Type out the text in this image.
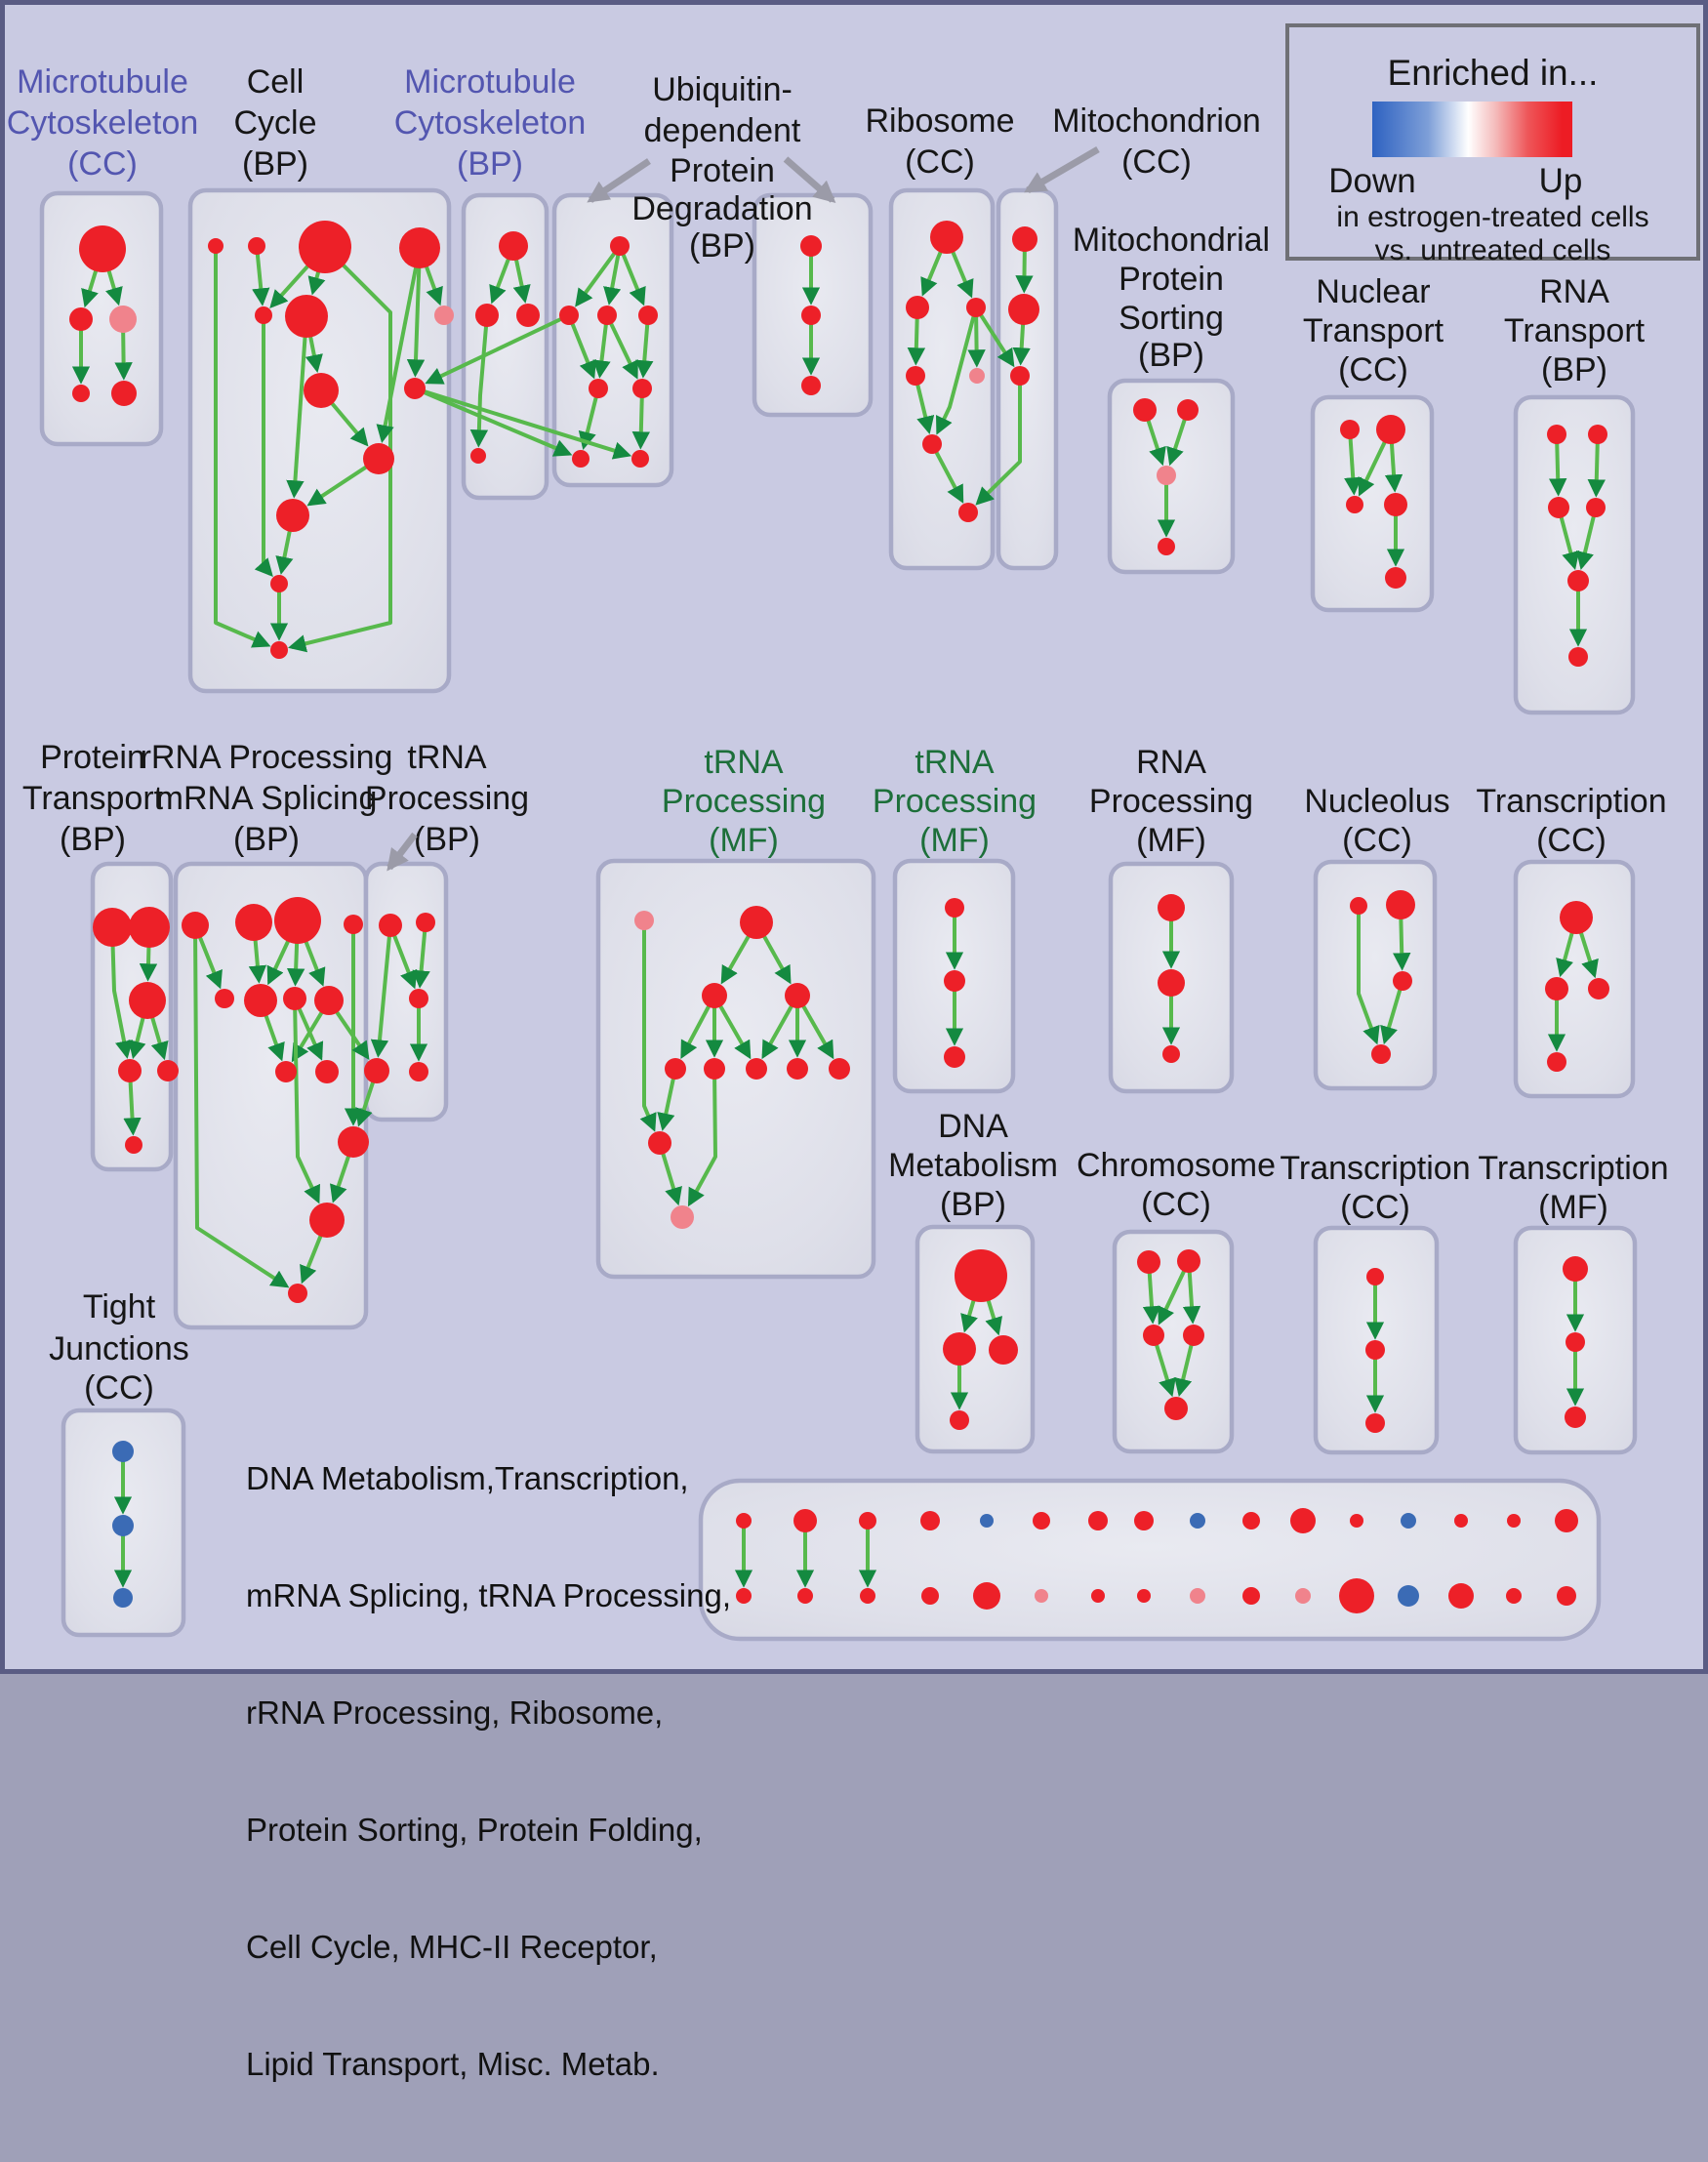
Microtubule
Cytoskeleton
(CC)
Cell
Cycle
(BP)
Microtubule
Cytoskeleton
(BP)
Ubiquitin-
dependent
Protein
Degradation
(BP)
Ribosome
(CC)
Mitochondrion
(CC)
Mitochondrial
Protein
Sorting
(BP)
Nuclear
Transport
(CC)
RNA
Transport
(BP)
Protein
Transport
(BP)
rRNA Processing
mRNA Splicing
(BP)
tRNA
Processing
(BP)
tRNA
Processing
(MF)
tRNA
Processing
(MF)
RNA
Processing
(MF)
Nucleolus
(CC)
Transcription
(CC)
DNA
Metabolism
(BP)
Chromosome
(CC)
Transcription
(CC)
Transcription
(MF)
Tight
Junctions
(CC)
Enriched in...
Down	Up
in estrogen-treated cells
vs. untreated cells

DNA Metabolism,Transcription,

mRNA Splicing, tRNA Processing,

rRNA Processing, Ribosome,

Protein Sorting, Protein Folding,

Cell Cycle, MHC-II Receptor,

Lipid Transport, Misc. Metab.
